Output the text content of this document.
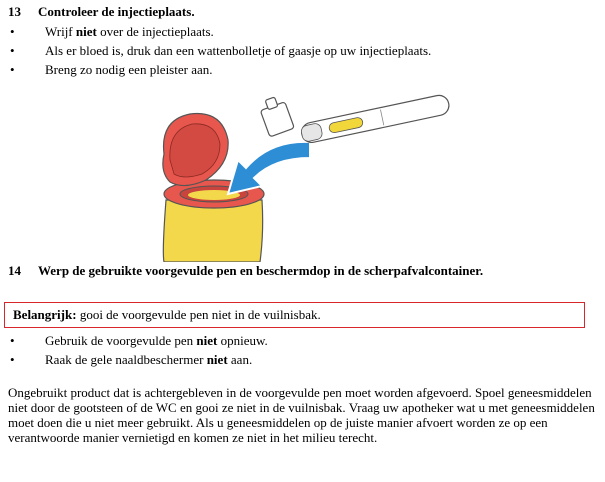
13 Controleer de injectieplaats.
• Wrijf niet over de injectieplaats.
• Als er bloed is, druk dan een wattenbolletje of gaasje op uw injectieplaats.
• Breng zo nodig een pleister aan.
14 Werp de gebruikte voorgevulde pen en beschermdop in de scherpafvalcontainer.
Belangrijk: gooi de voorgevulde pen niet in de vuilnisbak.
• Gebruik de voorgevulde pen niet opnieuw.
• Raak de gele naaldbeschermer niet aan.

Ongebruikt product dat is achtergebleven in de voorgevulde pen moet worden afgevoerd. Spoel geneesmiddelen niet door de gootsteen of de WC en gooi ze niet in de vuilnisbak. Vraag uw apotheker wat u met geneesmiddelen moet doen die u niet meer gebruikt. Als u geneesmiddelen op de juiste manier afvoert worden ze op een verantwoorde manier vernietigd en komen ze niet in het milieu terecht.
